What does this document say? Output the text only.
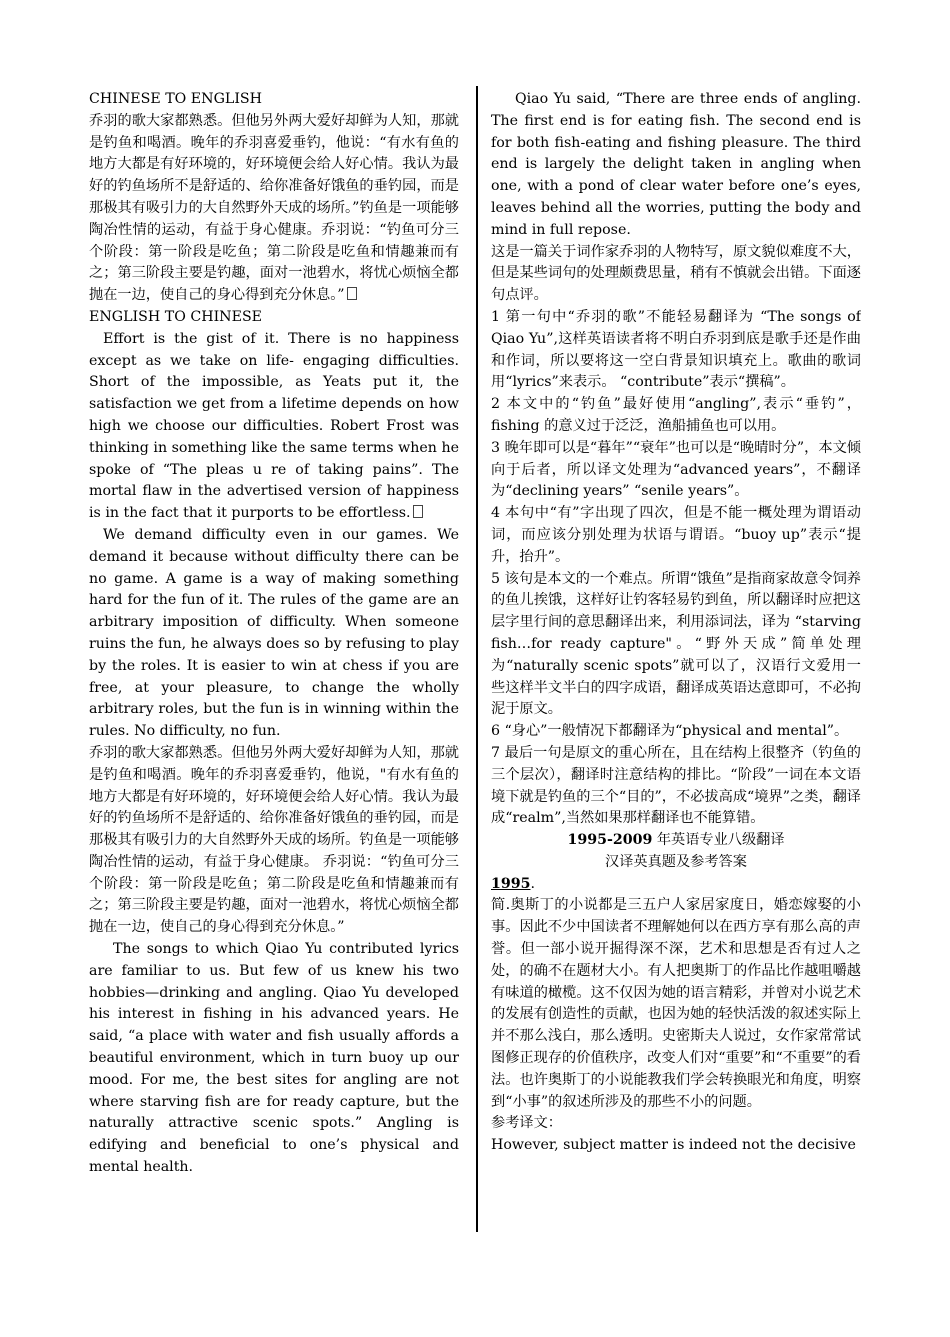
CHINESE TO ENGLISH

乔羽的歌大家都熟悉。但他另外两大爱好却鲜为人知，那就是钓鱼和喝酒。晚年的乔羽喜爱垂钓，他说：“有水有鱼的地方大都是有好环境的，好环境便会给人好心情。我认为最好的钓鱼场所不是舒适的、给你准备好饿鱼的垂钓园，而是那极其有吸引力的大自然野外天成的场所。”钓鱼是一项能够陶冶性情的运动，有益于身心健康。乔羽说：“钓鱼可分三个阶段：第一阶段是吃鱼；第二阶段是吃鱼和情趣兼而有之；第三阶段主要是钓趣，面对一池碧水，将忧心烦恼全都抛在一边，使自己的身心得到充分休息。”

ENGLISH TO CHINESE

Effort is the gist of it. There is no happiness except as we take on life- engaging difficulties. Short of the impossible, as Yeats put it, the satisfaction we get from a lifetime depends on how high we choose our difficulties. Robert Frost was thinking in something like the same terms when he spoke of “The pleas u re of taking pains”. The mortal flaw in the advertised version of happiness is in the fact that it purports to be effortless.

We demand difficulty even in our games. We demand it because without difficulty there can be no game. A game is a way of making something hard for the fun of it. The rules of the game are an arbitrary imposition of difficulty. When someone ruins the fun, he always does so by refusing to play by the roles. It is easier to win at chess if you are free, at your pleasure, to change the wholly arbitrary roles, but the fun is in winning within the rules. No difficulty, no fun.

乔羽的歌大家都熟悉。但他另外两大爱好却鲜为人知，那就是钓鱼和喝酒。晚年的乔羽喜爱垂钓，他说，"有水有鱼的地方大都是有好环境的，好环境便会给人好心情。我认为最好的钓鱼场所不是舒适的、给你准备好饿鱼的垂钓园，而是那极其有吸引力的大自然野外天成的场所。钓鱼是一项能够陶冶性情的运动，有益于身心健康。 乔羽说：“钓鱼可分三个阶段：第一阶段是吃鱼；第二阶段是吃鱼和情趣兼而有之；第三阶段主要是钓趣，面对一池碧水，将忧心烦恼全都抛在一边，使自己的身心得到充分休息。”

The songs to which Qiao Yu contributed lyrics are familiar to us. But few of us knew his two hobbies—drinking and angling. Qiao Yu developed his interest in fishing in his advanced years. He said, “a place with water and fish usually affords a beautiful environment, which in turn buoy up our mood. For me, the best sites for angling are not where starving fish are for ready capture, but the naturally attractive scenic spots.” Angling is edifying and beneficial to one’s physical and mental health.

Qiao Yu said, “There are three ends of angling. The first end is for eating fish. The second end is for both fish-eating and fishing pleasure. The third end is largely the delight taken in angling when one, with a pond of clear water before one’s eyes, leaves behind all the worries, putting the body and mind in full repose.

这是一篇关于词作家乔羽的人物特写，原文貌似难度不大，但是某些词句的处理颇费思量，稍有不慎就会出错。下面逐句点评。

1 第一句中“乔羽的歌”不能轻易翻译为 “The songs of Qiao Yu”,这样英语读者将不明白乔羽到底是歌手还是作曲和作词，所以要将这一空白背景知识填充上。歌曲的歌词用“lyrics”来表示。 “contribute”表示“撰稿”。

2 本文中的“钓鱼”最好使用“angling”,表示“垂钓”，fishing 的意义过于泛泛，渔船捕鱼也可以用。

3 晚年即可以是“暮年”“衰年”也可以是“晚晴时分”，本文倾向于后者，所以译文处理为“advanced years”，不翻译为“declining years” “senile years”。

4 本句中“有”字出现了四次，但是不能一概处理为谓语动词，而应该分别处理为状语与谓语。“buoy up”表示“提升，抬升”。

5 该句是本文的一个难点。所谓“饿鱼”是指商家故意令饲养的鱼儿挨饿，这样好让钓客轻易钓到鱼，所以翻译时应把这层字里行间的意思翻译出来，利用添词法，译为 “starving fish…for ready capture"。“野外天成”简单处理为“naturally scenic spots”就可以了，汉语行文爱用一些这样半文半白的四字成语，翻译成英语达意即可，不必拘泥于原文。

6 “身心”一般情况下都翻译为“physical and mental”。

7 最后一句是原文的重心所在，且在结构上很整齐（钓鱼的三个层次），翻译时注意结构的排比。“阶段”一词在本文语境下就是钓鱼的三个“目的”，不必拔高成“境界”之类，翻译成“realm”,当然如果那样翻译也不能算错。

1995-2009 年英语专业八级翻译

汉译英真题及参考答案

1995.

简.奥斯丁的小说都是三五户人家居家度日，婚恋嫁娶的小事。因此不少中国读者不理解她何以在西方享有那么高的声誉。但一部小说开掘得深不深，艺术和思想是否有过人之处，的确不在题材大小。有人把奥斯丁的作品比作越咀嚼越有味道的橄榄。这不仅因为她的语言精彩，并曾对小说艺术的发展有创造性的贡献，也因为她的轻快活泼的叙述实际上并不那么浅白，那么透明。史密斯夫人说过，女作家常常试图修正现存的价值秩序，改变人们对“重要”和“不重要”的看法。也许奥斯丁的小说能教我们学会转换眼光和角度，明察到“小事”的叙述所涉及的那些不小的问题。

参考译文：

However, subject matter is indeed not the decisive
